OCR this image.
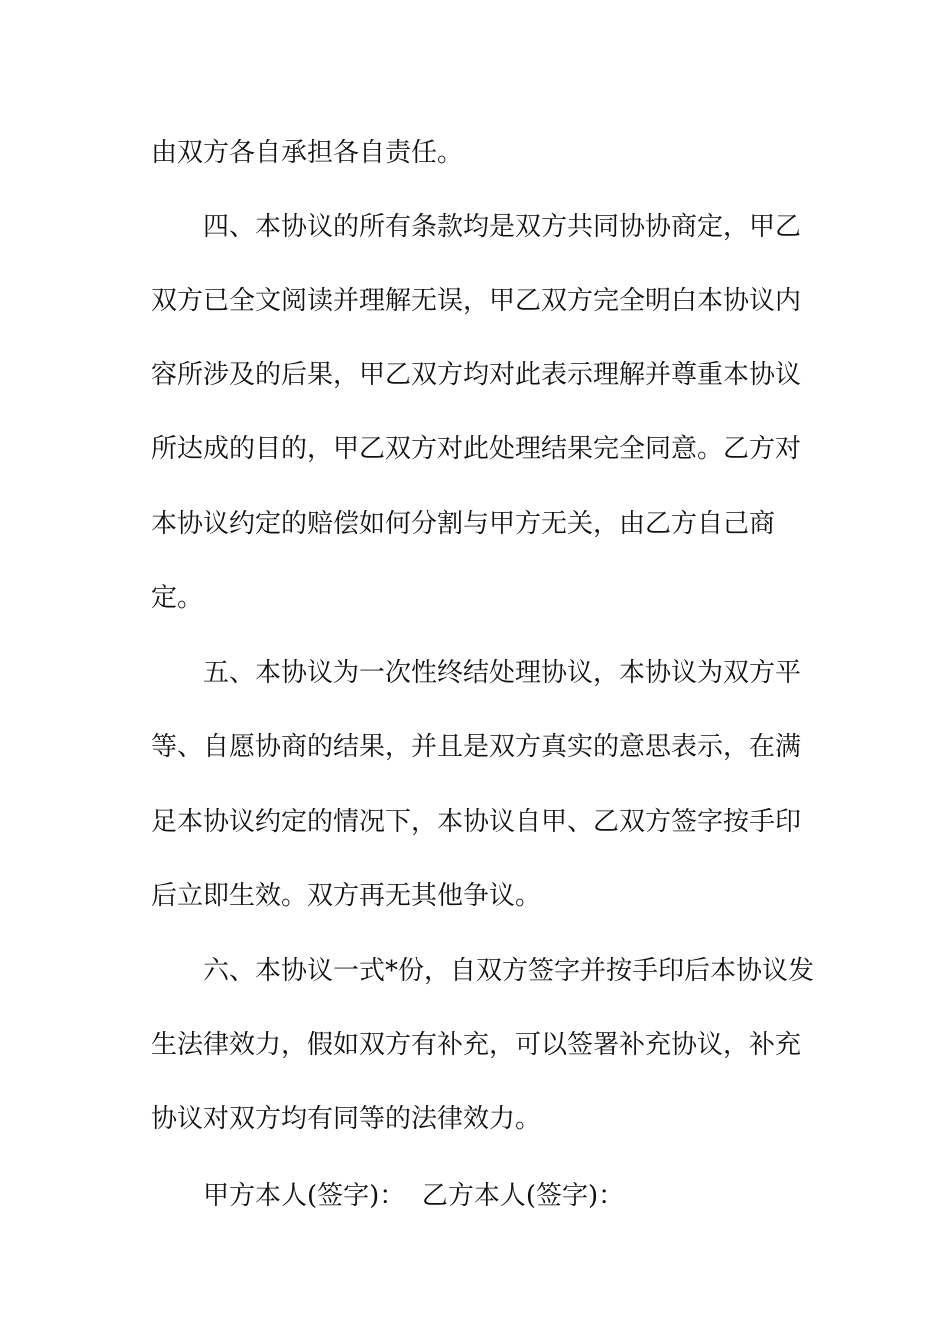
由双方各自承担各自责任。
四、本协议的所有条款均是双方共同协协商定，甲乙
双方已全文阅读并理解无误，甲乙双方完全明白本协议内
容所涉及的后果，甲乙双方均对此表示理解并尊重本协议
所达成的目的，甲乙双方对此处理结果完全同意。乙方对
本协议约定的赔偿如何分割与甲方无关，由乙方自己商
定。
五、本协议为一次性终结处理协议，本协议为双方平
等、自愿协商的结果，并且是双方真实的意思表示，在满
足本协议约定的情况下，本协议自甲、乙双方签字按手印
后立即生效。双方再无其他争议。
六、本协议一式*份，自双方签字并按手印后本协议发
生法律效力，假如双方有补充，可以签署补充协议，补充
协议对双方均有同等的法律效力。
甲方本人(签字)：  乙方本人(签字)：
